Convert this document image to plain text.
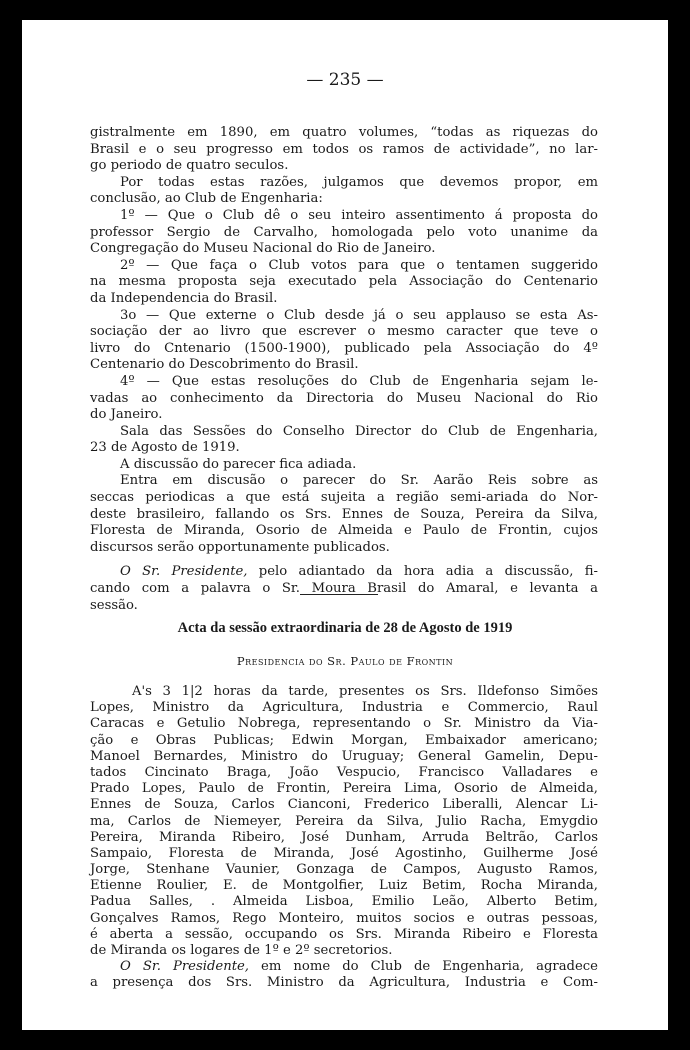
— 235 —
gistralmente em 1890, em quatro volumes, “todas as riquezas do
Brasil e o seu progresso em todos os ramos de actividade”, no lar-
go periodo de quatro seculos.
Por todas estas razões, julgamos que devemos propor, em
conclusão, ao Club de Engenharia:
1º — Que o Club dê o seu inteiro assentimento á proposta do
professor Sergio de Carvalho, homologada pelo voto unanime da
Congregação do Museu Nacional do Rio de Janeiro.
2º — Que faça o Club votos para que o tentamen suggerido
na mesma proposta seja executado pela Associação do Centenario
da Independencia do Brasil.
3o — Que externe o Club desde já o seu applauso se esta As-
sociação der ao livro que escrever o mesmo caracter que teve o
livro do Cntenario (1500-1900), publicado pela Associação do 4º
Centenario do Descobrimento do Brasil.
4º — Que estas resoluções do Club de Engenharia sejam le-
vadas ao conhecimento da Directoria do Museu Nacional do Rio
do Janeiro.
Sala das Sessões do Conselho Director do Club de Engenharia,
23 de Agosto de 1919.
A discussão do parecer fica adiada.
Entra em discusão o parecer do Sr. Aarão Reis sobre as
seccas periodicas a que está sujeita a região semi-ariada do Nor-
deste brasileiro, fallando os Srs. Ennes de Souza, Pereira da Silva,
Floresta de Miranda, Osorio de Almeida e Paulo de Frontin, cujos
discursos serão opportunamente publicados.
O Sr. Presidente, pelo adiantado da hora adia a discussão, fi-
cando com a palavra o Sr. Moura Brasil do Amaral, e levanta a
sessão.
Acta da sessão extraordinaria de 28 de Agosto de 1919
Presidencia do Sr. Paulo de Frontin
A's 3 1|2 horas da tarde, presentes os Srs. Ildefonso Simões
Lopes, Ministro da Agricultura, Industria e Commercio, Raul
Caracas e Getulio Nobrega, representando o Sr. Ministro da Via-
ção e Obras Publicas; Edwin Morgan, Embaixador americano;
Manoel Bernardes, Ministro do Uruguay; General Gamelin, Depu-
tados Cincinato Braga, João Vespucio, Francisco Valladares e
Prado Lopes, Paulo de Frontin, Pereira Lima, Osorio de Almeida,
Ennes de Souza, Carlos Cianconi, Frederico Liberalli, Alencar Li-
ma, Carlos de Niemeyer, Pereira da Silva, Julio Racha, Emygdio
Pereira, Miranda Ribeiro, José Dunham, Arruda Beltrão, Carlos
Sampaio, Floresta de Miranda, José Agostinho, Guilherme José
Jorge, Stenhane Vaunier, Gonzaga de Campos, Augusto Ramos,
Etienne Roulier, E. de Montgolfier, Luiz Betim, Rocha Miranda,
Padua Salles, . Almeida Lisboa, Emilio Leão, Alberto Betim,
Gonçalves Ramos, Rego Monteiro, muitos socios e outras pessoas,
é aberta a sessão, occupando os Srs. Miranda Ribeiro e Floresta
de Miranda os logares de 1º e 2º secretorios.
O Sr. Presidente, em nome do Club de Engenharia, agradece
a presença dos Srs. Ministro da Agricultura, Industria e Com-
